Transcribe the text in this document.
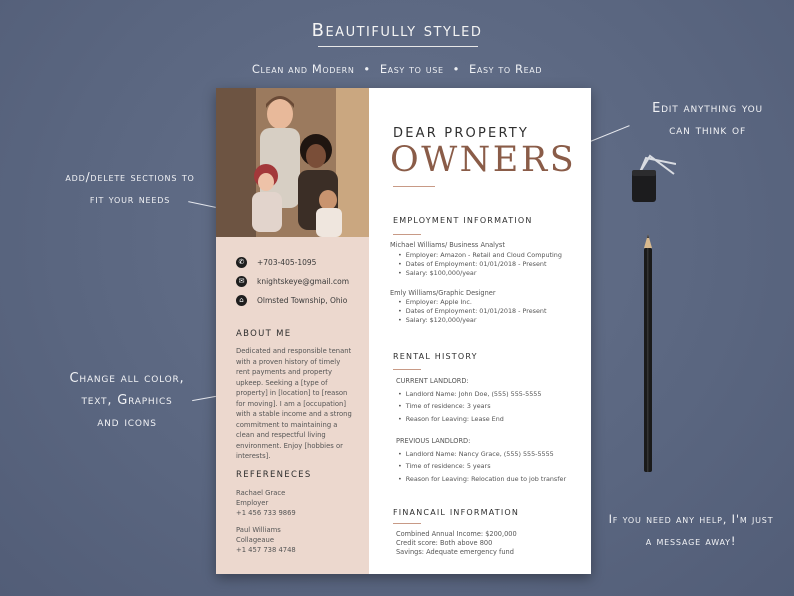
Beautifully styled
Clean and Modern • Easy to use • Easy to Read
add/delete sections to
fit your needs
Change all color,
text, Graphics
and icons
Edit anything you
can think of
If you need any help, I'm just
a message away!
✆	+703-405-1095
✉	knightskeye@gmail.com
⌂	Olmsted Township, Ohio
ABOUT ME
Dedicated and responsible tenant with a proven history of timely rent payments and property upkeep. Seeking a [type of property] in [location] to [reason for moving]. I am a [occupation] with a stable income and a strong commitment to maintaining a clean and respectful living environment. Enjoy [hobbies or interests].
REFERENECES
Rachael Grace
Employer
+1 456 733 9869
Paul Williams
Collageaue
+1 457 738 4748
DEAR PROPERTY
OWNERS
EMPLOYMENT INFORMATION
Michael Williams/ Business Analyst
• Employer: Amazon - Retail and Cloud Computing
• Dates of Employment: 01/01/2018 - Present
• Salary: $100,000/year
Emly Williams/Graphic Designer
• Employer: Apple Inc.
• Dates of Employment: 01/01/2018 - Present
• Salary: $120,000/year
RENTAL HISTORY
CURRENT LANDLORD:
• Landlord Name: John Doe, (555) 555-5555
• Time of residence: 3 years
• Reason for Leaving: Lease End
PREVIOUS LANDLORD:
• Landlord Name: Nancy Grace, (555) 555-5555
• Time of residence: 5 years
• Reason for Leaving: Relocation due to job transfer
FINANCAIL INFORMATION
Combined Annual Income: $200,000
Credit score: Both above 800
Savings: Adequate emergency fund
